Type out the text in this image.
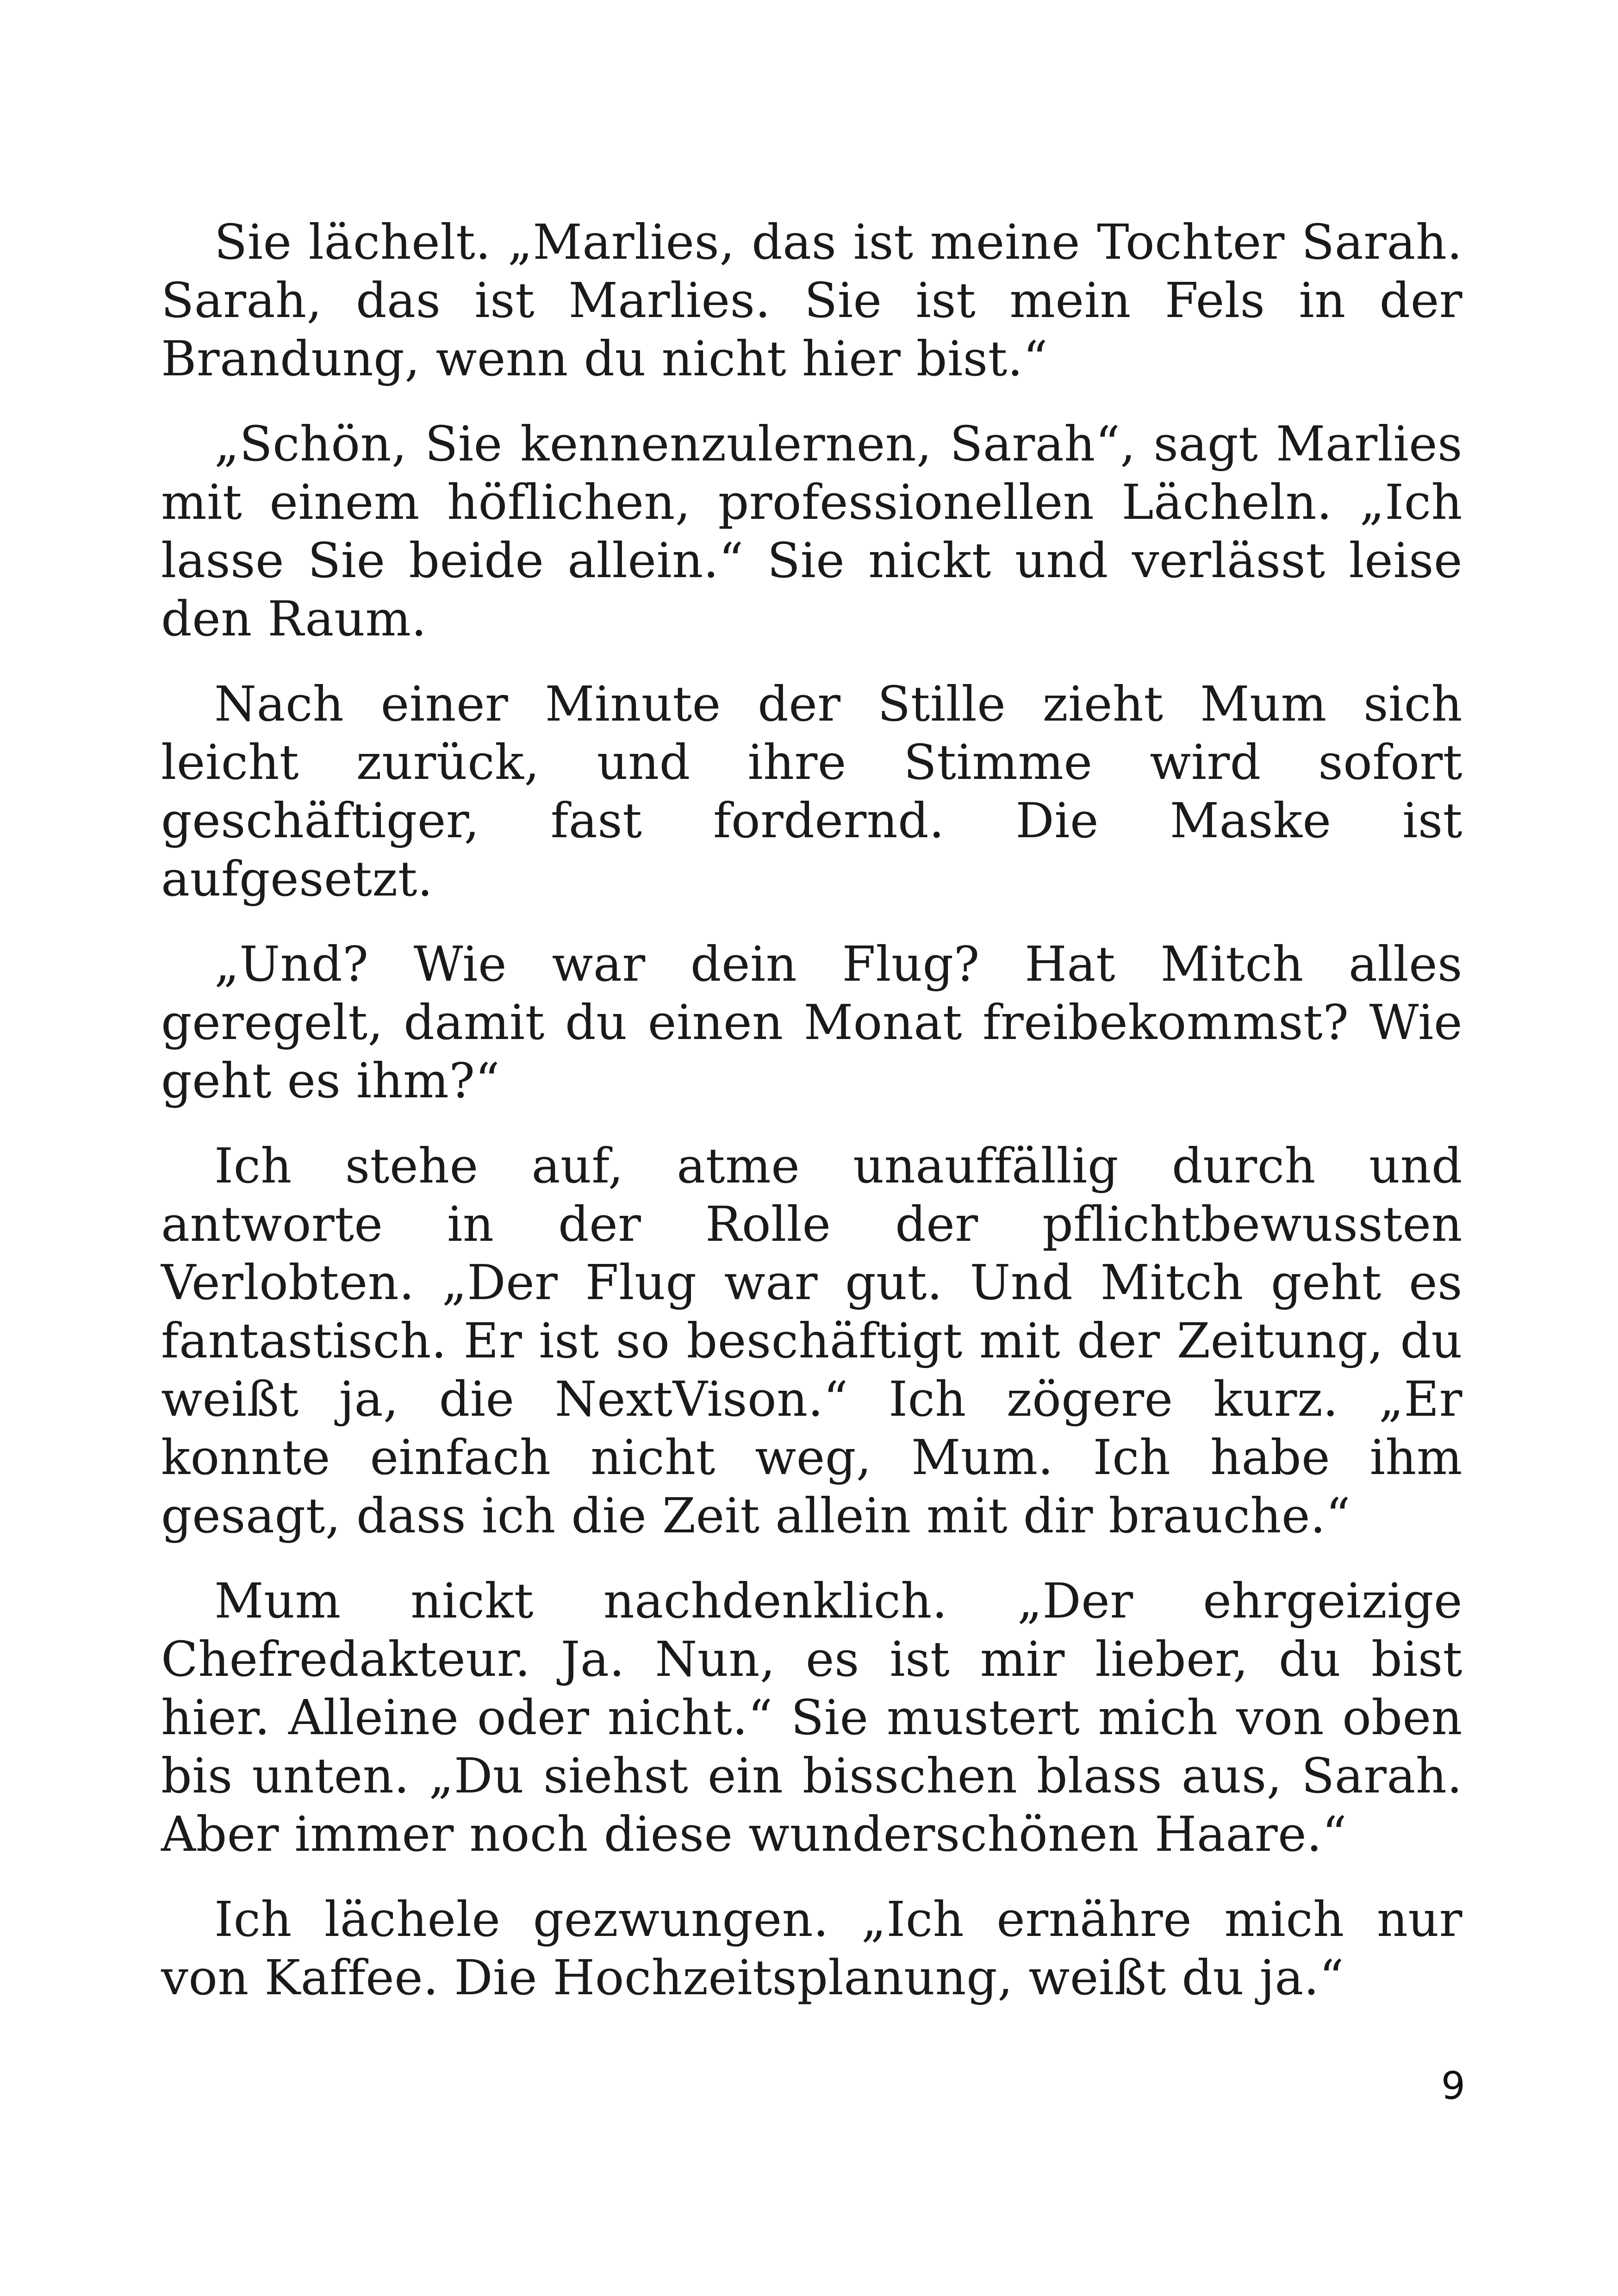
Sie lächelt. „Marlies, das ist meine Tochter Sarah. Sarah, das ist Marlies. Sie ist mein Fels in der Brandung, wenn du nicht hier bist.“

„Schön, Sie kennenzulernen, Sarah“, sagt Marlies mit einem höflichen, professionellen Lächeln. „Ich lasse Sie beide allein.“ Sie nickt und verlässt leise den Raum.

Nach einer Minute der Stille zieht Mum sich leicht zurück, und ihre Stimme wird sofort geschäftiger, fast fordernd. Die Maske ist aufgesetzt.

„Und? Wie war dein Flug? Hat Mitch alles geregelt, damit du einen Monat freibekommst? Wie geht es ihm?“

Ich stehe auf, atme unauffällig durch und antworte in der Rolle der pflichtbewussten Verlobten. „Der Flug war gut. Und Mitch geht es fantastisch. Er ist so beschäftigt mit der Zeitung, du weißt ja, die NextVison.“ Ich zögere kurz. „Er konnte einfach nicht weg, Mum. Ich habe ihm gesagt, dass ich die Zeit allein mit dir brauche.“

Mum nickt nachdenklich. „Der ehrgeizige Chefredakteur. Ja. Nun, es ist mir lieber, du bist hier. Alleine oder nicht.“ Sie mustert mich von oben bis unten. „Du siehst ein bisschen blass aus, Sarah. Aber immer noch diese wunderschönen Haare.“

Ich lächele gezwungen. „Ich ernähre mich nur von Kaffee. Die Hochzeitsplanung, weißt du ja.“

9
